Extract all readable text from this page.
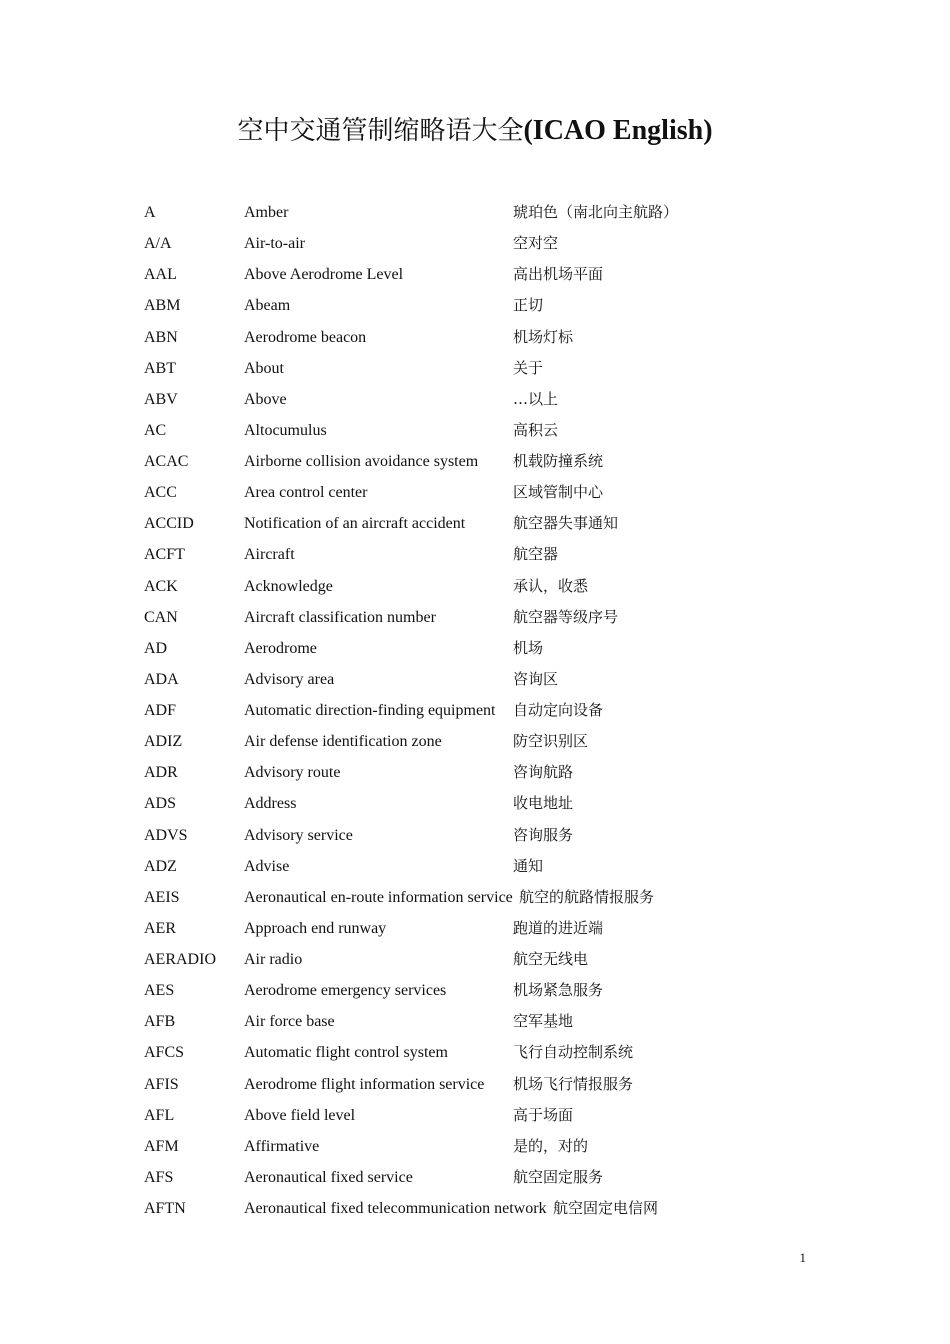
空中交通管制缩略语大全(ICAO English)
A	Amber	琥珀色（南北向主航路）
A/A	Air-to-air	空对空
AAL	Above Aerodrome Level	高出机场平面
ABM	Abeam	正切
ABN	Aerodrome beacon	机场灯标
ABT	About	关于
ABV	Above	…以上
AC	Altocumulus	高积云
ACAC	Airborne collision avoidance system 机载防撞系统
ACC	Area control center	区域管制中心
ACCID	Notification of an aircraft accident	航空器失事通知
ACFT	Aircraft	航空器
ACK	Acknowledge	承认，收悉
CAN	Aircraft classification number	航空器等级序号
AD	Aerodrome	机场
ADA	Advisory area	咨询区
ADF	Automatic direction-finding equipment 自动定向设备
ADIZ	Air defense identification zone	防空识别区
ADR	Advisory route	咨询航路
ADS	Address	收电地址
ADVS	Advisory service	咨询服务
ADZ	Advise	通知
AEIS	Aeronautical en-route information service 航空的航路情报服务
AER	Approach end runway	跑道的进近端
AERADIO Air radio	航空无线电
AES	Aerodrome emergency services	机场紧急服务
AFB	Air force base	空军基地
AFCS	Automatic flight control system	飞行自动控制系统
AFIS	Aerodrome flight information service 机场飞行情报服务
AFL	Above field level	高于场面
AFM	Affirmative	是的，对的
AFS	Aeronautical fixed service	航空固定服务
AFTN	Aeronautical fixed telecommunication network 航空固定电信网
1
